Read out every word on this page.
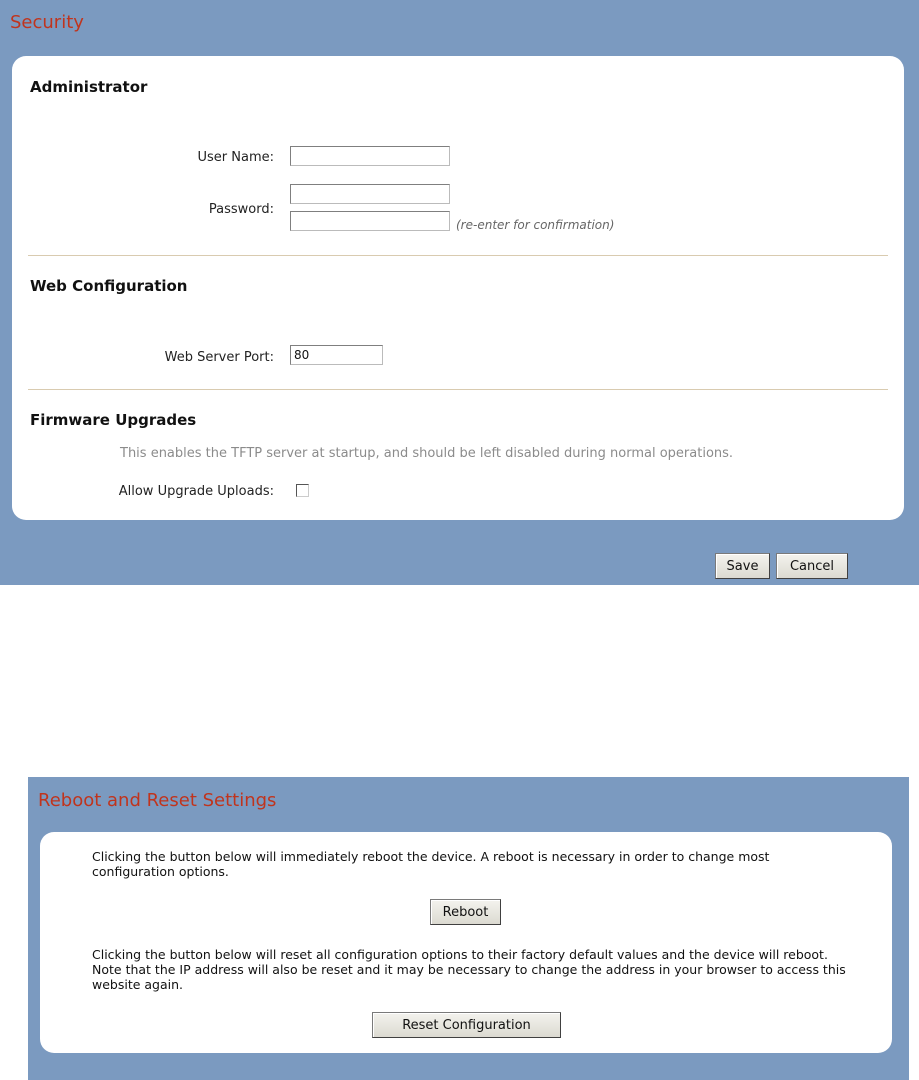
Security
Administrator
User Name:
Password:
(re-enter for confirmation)
Web Configuration
Web Server Port:
80
Firmware Upgrades
This enables the TFTP server at startup, and should be left disabled during normal operations.
Allow Upgrade Uploads:
Save	Cancel
Reboot and Reset Settings

Clicking the button below will immediately reboot the device. A reboot is necessary in order to change most configuration options.

Reboot

Clicking the button below will reset all configuration options to their factory default values and the device will reboot. Note that the IP address will also be reset and it may be necessary to change the address in your browser to access this website again.

Reset Configuration
